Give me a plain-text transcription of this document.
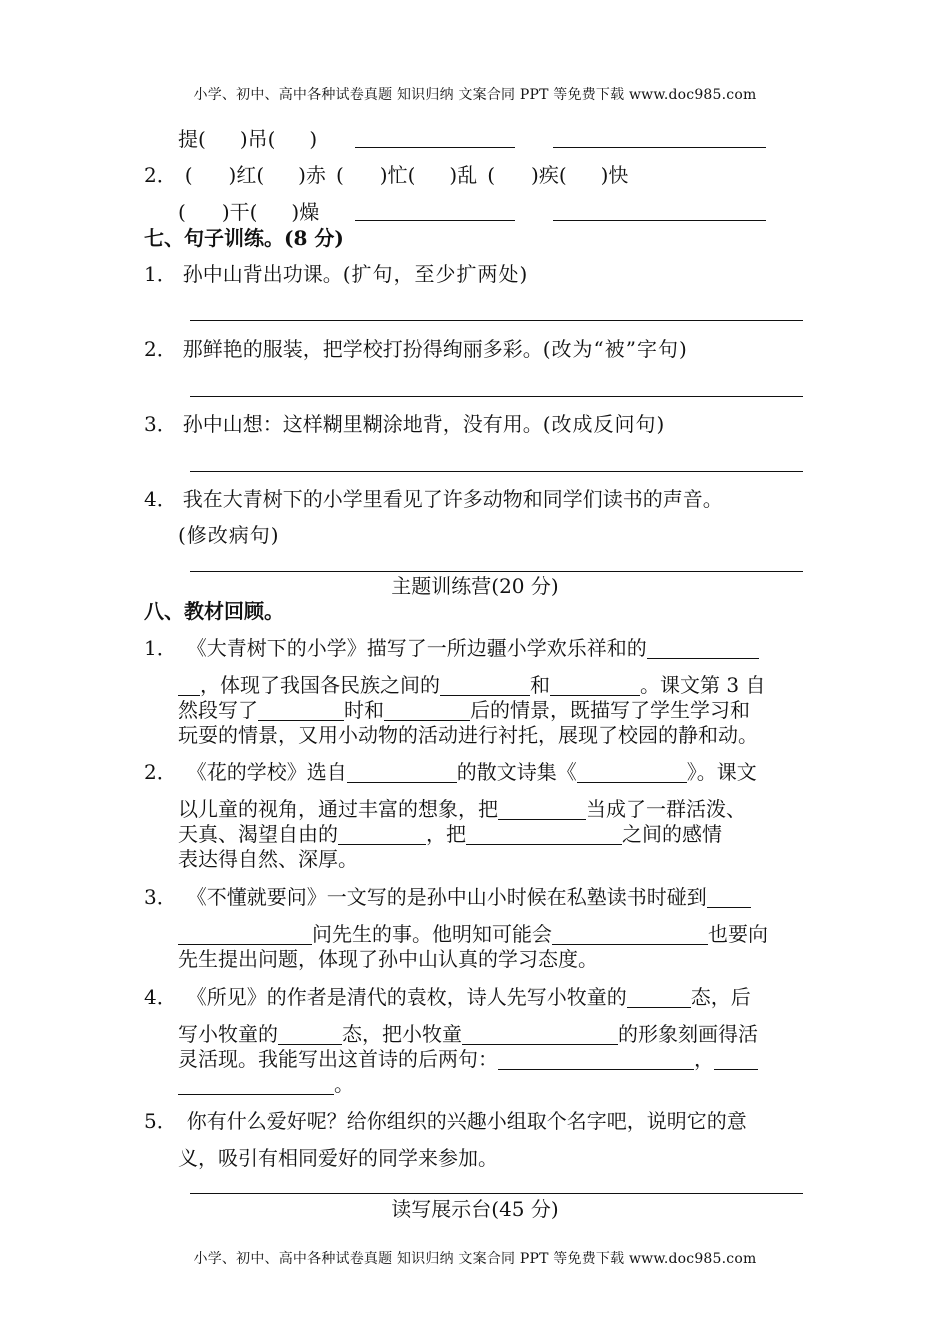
小学、初中、高中各种试卷真题 知识归纳 文案合同 PPT 等免费下载 www.doc985.com
提( )吊( )
2． ( )红( )赤 ( )忙( )乱 ( )疾( )快
( )干( )燥
七、句子训练。(8 分)
1． 孙中山背出功课。(扩句，至少扩两处)
2． 那鲜艳的服装，把学校打扮得绚丽多彩。(改为“被”字句)
3． 孙中山想：这样糊里糊涂地背，没有用。(改成反问句)
4． 我在大青树下的小学里看见了许多动物和同学们读书的声音。
(修改病句)
主题训练营(20 分)
八、教材回顾。
1． 《大青树下的小学》描写了一所边疆小学欢乐祥和的
，体现了我国各民族之间的	和	。课文第 3 自
然段写了	时和	后的情景，既描写了学生学习和
玩耍的情景，又用小动物的活动进行衬托，展现了校园的静和动。
2． 《花的学校》选自	的散文诗集《	》。课文
以儿童的视角，通过丰富的想象，把	当成了一群活泼、
天真、渴望自由的	，把	之间的感情
表达得自然、深厚。
3． 《不懂就要问》一文写的是孙中山小时候在私塾读书时碰到
问先生的事。他明知可能会	也要向
先生提出问题，体现了孙中山认真的学习态度。
4． 《所见》的作者是清代的袁枚，诗人先写小牧童的	态，后
写小牧童的	态，把小牧童	的形象刻画得活
灵活现。我能写出这首诗的后两句：	，
。
5． 你有什么爱好呢？给你组织的兴趣小组取个名字吧，说明它的意
义，吸引有相同爱好的同学来参加。
读写展示台(45 分)
小学、初中、高中各种试卷真题 知识归纳 文案合同 PPT 等免费下载 www.doc985.com
